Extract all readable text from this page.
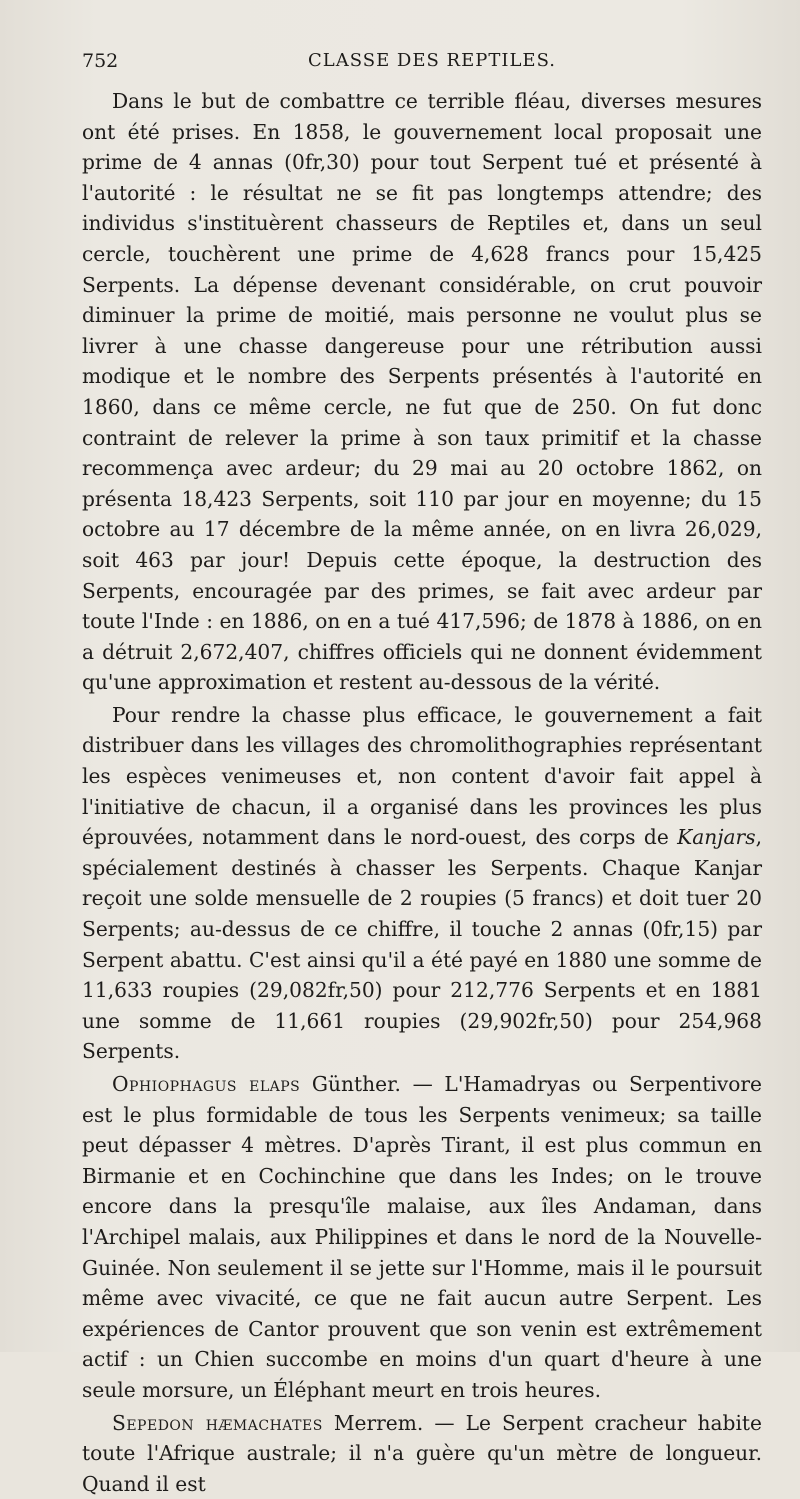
752	CLASSE DES REPTILES.

Dans le but de combattre ce terrible fléau, diverses mesures ont été prises. En 1858, le gouvernement local proposait une prime de 4 annas (0fr,30) pour tout Serpent tué et présenté à l'autorité : le résultat ne se fit pas longtemps attendre; des individus s'instituèrent chasseurs de Reptiles et, dans un seul cercle, touchèrent une prime de 4,628 francs pour 15,425 Serpents. La dépense devenant considérable, on crut pouvoir diminuer la prime de moitié, mais personne ne voulut plus se livrer à une chasse dangereuse pour une rétribution aussi modique et le nombre des Serpents présentés à l'autorité en 1860, dans ce même cercle, ne fut que de 250. On fut donc contraint de relever la prime à son taux primitif et la chasse recommença avec ardeur; du 29 mai au 20 octobre 1862, on présenta 18,423 Serpents, soit 110 par jour en moyenne; du 15 octobre au 17 décembre de la même année, on en livra 26,029, soit 463 par jour! Depuis cette époque, la destruction des Serpents, encouragée par des primes, se fait avec ardeur par toute l'Inde : en 1886, on en a tué 417,596; de 1878 à 1886, on en a détruit 2,672,407, chiffres officiels qui ne donnent évidemment qu'une approximation et restent au-dessous de la vérité.

Pour rendre la chasse plus efficace, le gouvernement a fait distribuer dans les villages des chromolithographies représentant les espèces venimeuses et, non content d'avoir fait appel à l'initiative de chacun, il a organisé dans les provinces les plus éprouvées, notamment dans le nord-ouest, des corps de Kanjars, spécialement destinés à chasser les Serpents. Chaque Kanjar reçoit une solde mensuelle de 2 roupies (5 francs) et doit tuer 20 Serpents; au-dessus de ce chiffre, il touche 2 annas (0fr,15) par Serpent abattu. C'est ainsi qu'il a été payé en 1880 une somme de 11,633 roupies (29,082fr,50) pour 212,776 Serpents et en 1881 une somme de 11,661 roupies (29,902fr,50) pour 254,968 Serpents.

Ophiophagus elaps Günther. — L'Hamadryas ou Serpentivore est le plus formidable de tous les Serpents venimeux; sa taille peut dépasser 4 mètres. D'après Tirant, il est plus commun en Birmanie et en Cochinchine que dans les Indes; on le trouve encore dans la presqu'île malaise, aux îles Andaman, dans l'Archipel malais, aux Philippines et dans le nord de la Nouvelle-Guinée. Non seulement il se jette sur l'Homme, mais il le poursuit même avec vivacité, ce que ne fait aucun autre Serpent. Les expériences de Cantor prouvent que son venin est extrêmement actif : un Chien succombe en moins d'un quart d'heure à une seule morsure, un Éléphant meurt en trois heures.

Sepedon hæmachates Merrem. — Le Serpent cracheur habite toute l'Afrique australe; il n'a guère qu'un mètre de longueur. Quand il est
